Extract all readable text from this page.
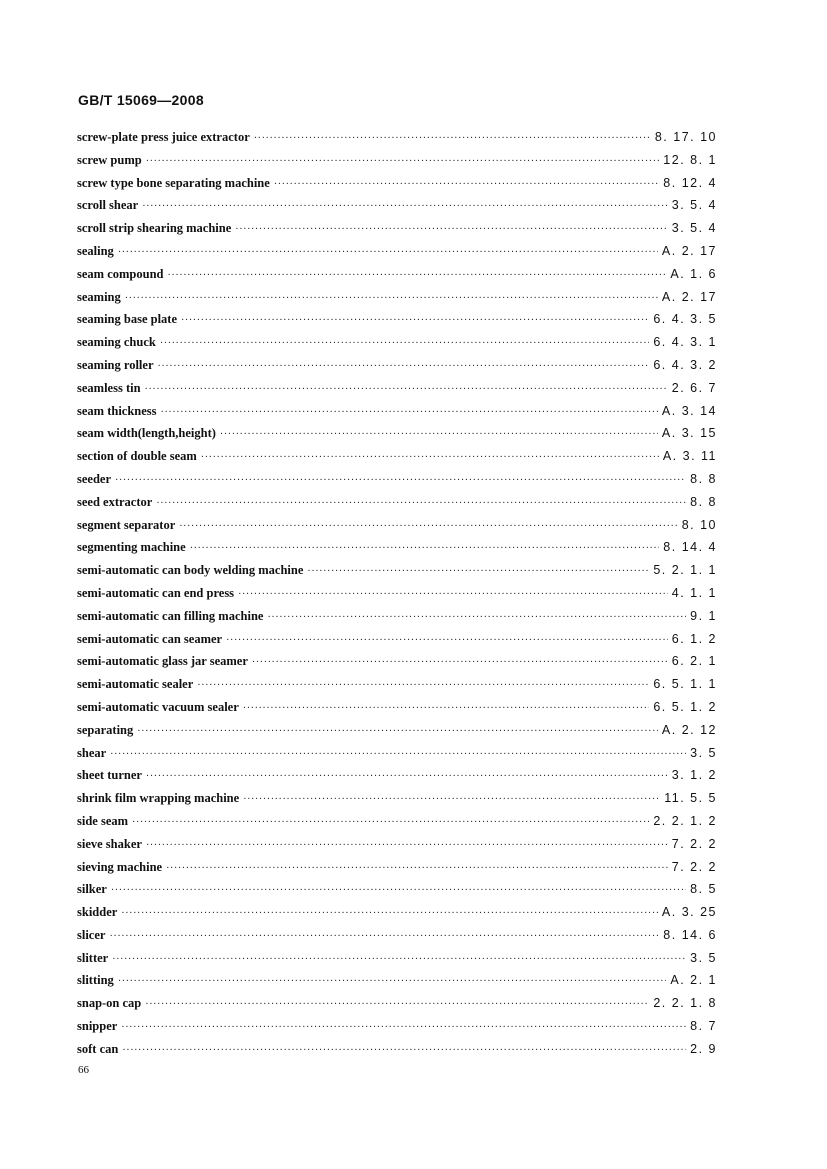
GB/T 15069—2008
screw-plate press juice extractor ·····	8. 17. 10
screw pump ·····	12. 8. 1
screw type bone separating machine ·····	8. 12. 4
scroll shear ·····	3. 5. 4
scroll strip shearing machine ·····	3. 5. 4
sealing ·····	A. 2. 17
seam compound ·····	A. 1. 6
seaming ·····	A. 2. 17
seaming base plate ·····	6. 4. 3. 5
seaming chuck ·····	6. 4. 3. 1
seaming roller ·····	6. 4. 3. 2
seamless tin ·····	2. 6. 7
seam thickness ·····	A. 3. 14
seam width(length,height) ·····	A. 3. 15
section of double seam ·····	A. 3. 11
seeder ·····	8. 8
seed extractor ·····	8. 8
segment separator ·····	8. 10
segmenting machine ·····	8. 14. 4
semi-automatic can body welding machine ·····	5. 2. 1. 1
semi-automatic can end press ·····	4. 1. 1
semi-automatic can filling machine ·····	9. 1
semi-automatic can seamer ·····	6. 1. 2
semi-automatic glass jar seamer ·····	6. 2. 1
semi-automatic sealer ·····	6. 5. 1. 1
semi-automatic vacuum sealer ·····	6. 5. 1. 2
separating ·····	A. 2. 12
shear ·····	3. 5
sheet turner ·····	3. 1. 2
shrink film wrapping machine ·····	11. 5. 5
side seam ·····	2. 2. 1. 2
sieve shaker ·····	7. 2. 2
sieving machine ·····	7. 2. 2
silker ·····	8. 5
skidder ·····	A. 3. 25
slicer ·····	8. 14. 6
slitter ·····	3. 5
slitting ·····	A. 2. 1
snap-on cap ·····	2. 2. 1. 8
snipper ·····	8. 7
soft can ·····	2. 9
66
